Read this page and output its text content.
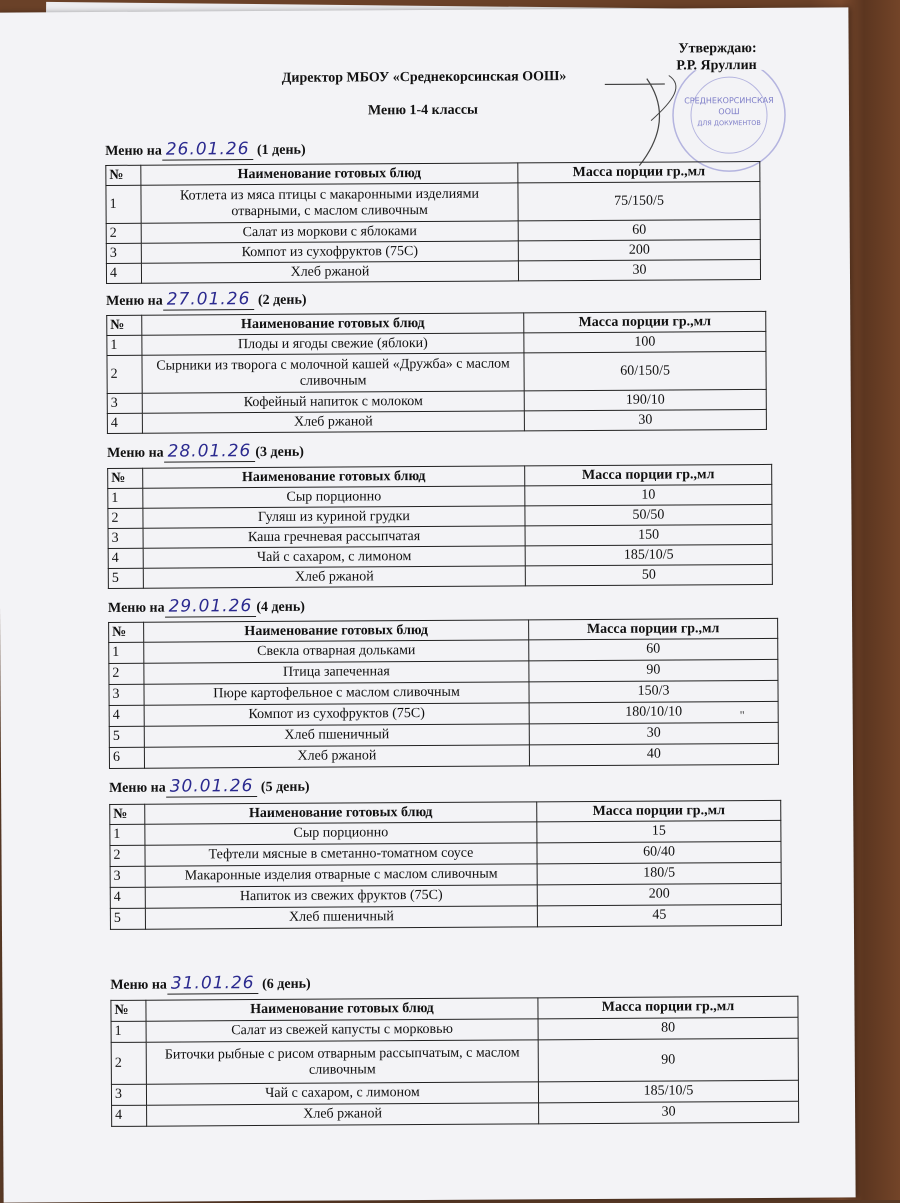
Утверждаю:
Р.Р. Яруллин
Директор МБОУ «Среднекорсинская ООШ»
Меню 1-4 классы
СРЕДНЕКОРСИНСКАЯ
ООШ
ДЛЯ ДОКУМЕНТОВ
"
Меню на 26.01.26 (1 день)
№	Наименование готовых блюд	Масса порции гр.,мл
1	Котлета из мяса птицы с макаронными изделиями отварными, с маслом сливочным	75/150/5
2	Салат из моркови с яблоками	60
3	Компот из сухофруктов (75С)	200
4	Хлеб ржаной	30
Меню на 27.01.26 (2 день)
№	Наименование готовых блюд	Масса порции гр.,мл
1	Плоды и ягоды свежие (яблоки)	100
2	Сырники из творога с молочной кашей «Дружба» с маслом сливочным	60/150/5
3	Кофейный напиток с молоком	190/10
4	Хлеб ржаной	30
Меню на 28.01.26 (3 день)
№	Наименование готовых блюд	Масса порции гр.,мл
1	Сыр порционно	10
2	Гуляш из куриной грудки	50/50
3	Каша гречневая рассыпчатая	150
4	Чай с сахаром, с лимоном	185/10/5
5	Хлеб ржаной	50
Меню на 29.01.26 (4 день)
№	Наименование готовых блюд	Масса порции гр.,мл
1	Свекла отварная дольками	60
2	Птица запеченная	90
3	Пюре картофельное с маслом сливочным	150/3
4	Компот из сухофруктов (75С)	180/10/10
5	Хлеб пшеничный	30
6	Хлеб ржаной	40
Меню на 30.01.26 (5 день)
№	Наименование готовых блюд	Масса порции гр.,мл
1	Сыр порционно	15
2	Тефтели мясные в сметанно-томатном соусе	60/40
3	Макаронные изделия отварные с маслом сливочным	180/5
4	Напиток из свежих фруктов (75С)	200
5	Хлеб пшеничный	45
Меню на 31.01.26 (6 день)
№	Наименование готовых блюд	Масса порции гр.,мл
1	Салат из свежей капусты с морковью	80
2	Биточки рыбные с рисом отварным рассыпчатым, с маслом сливочным	90
3	Чай с сахаром, с лимоном	185/10/5
4	Хлеб ржаной	30
